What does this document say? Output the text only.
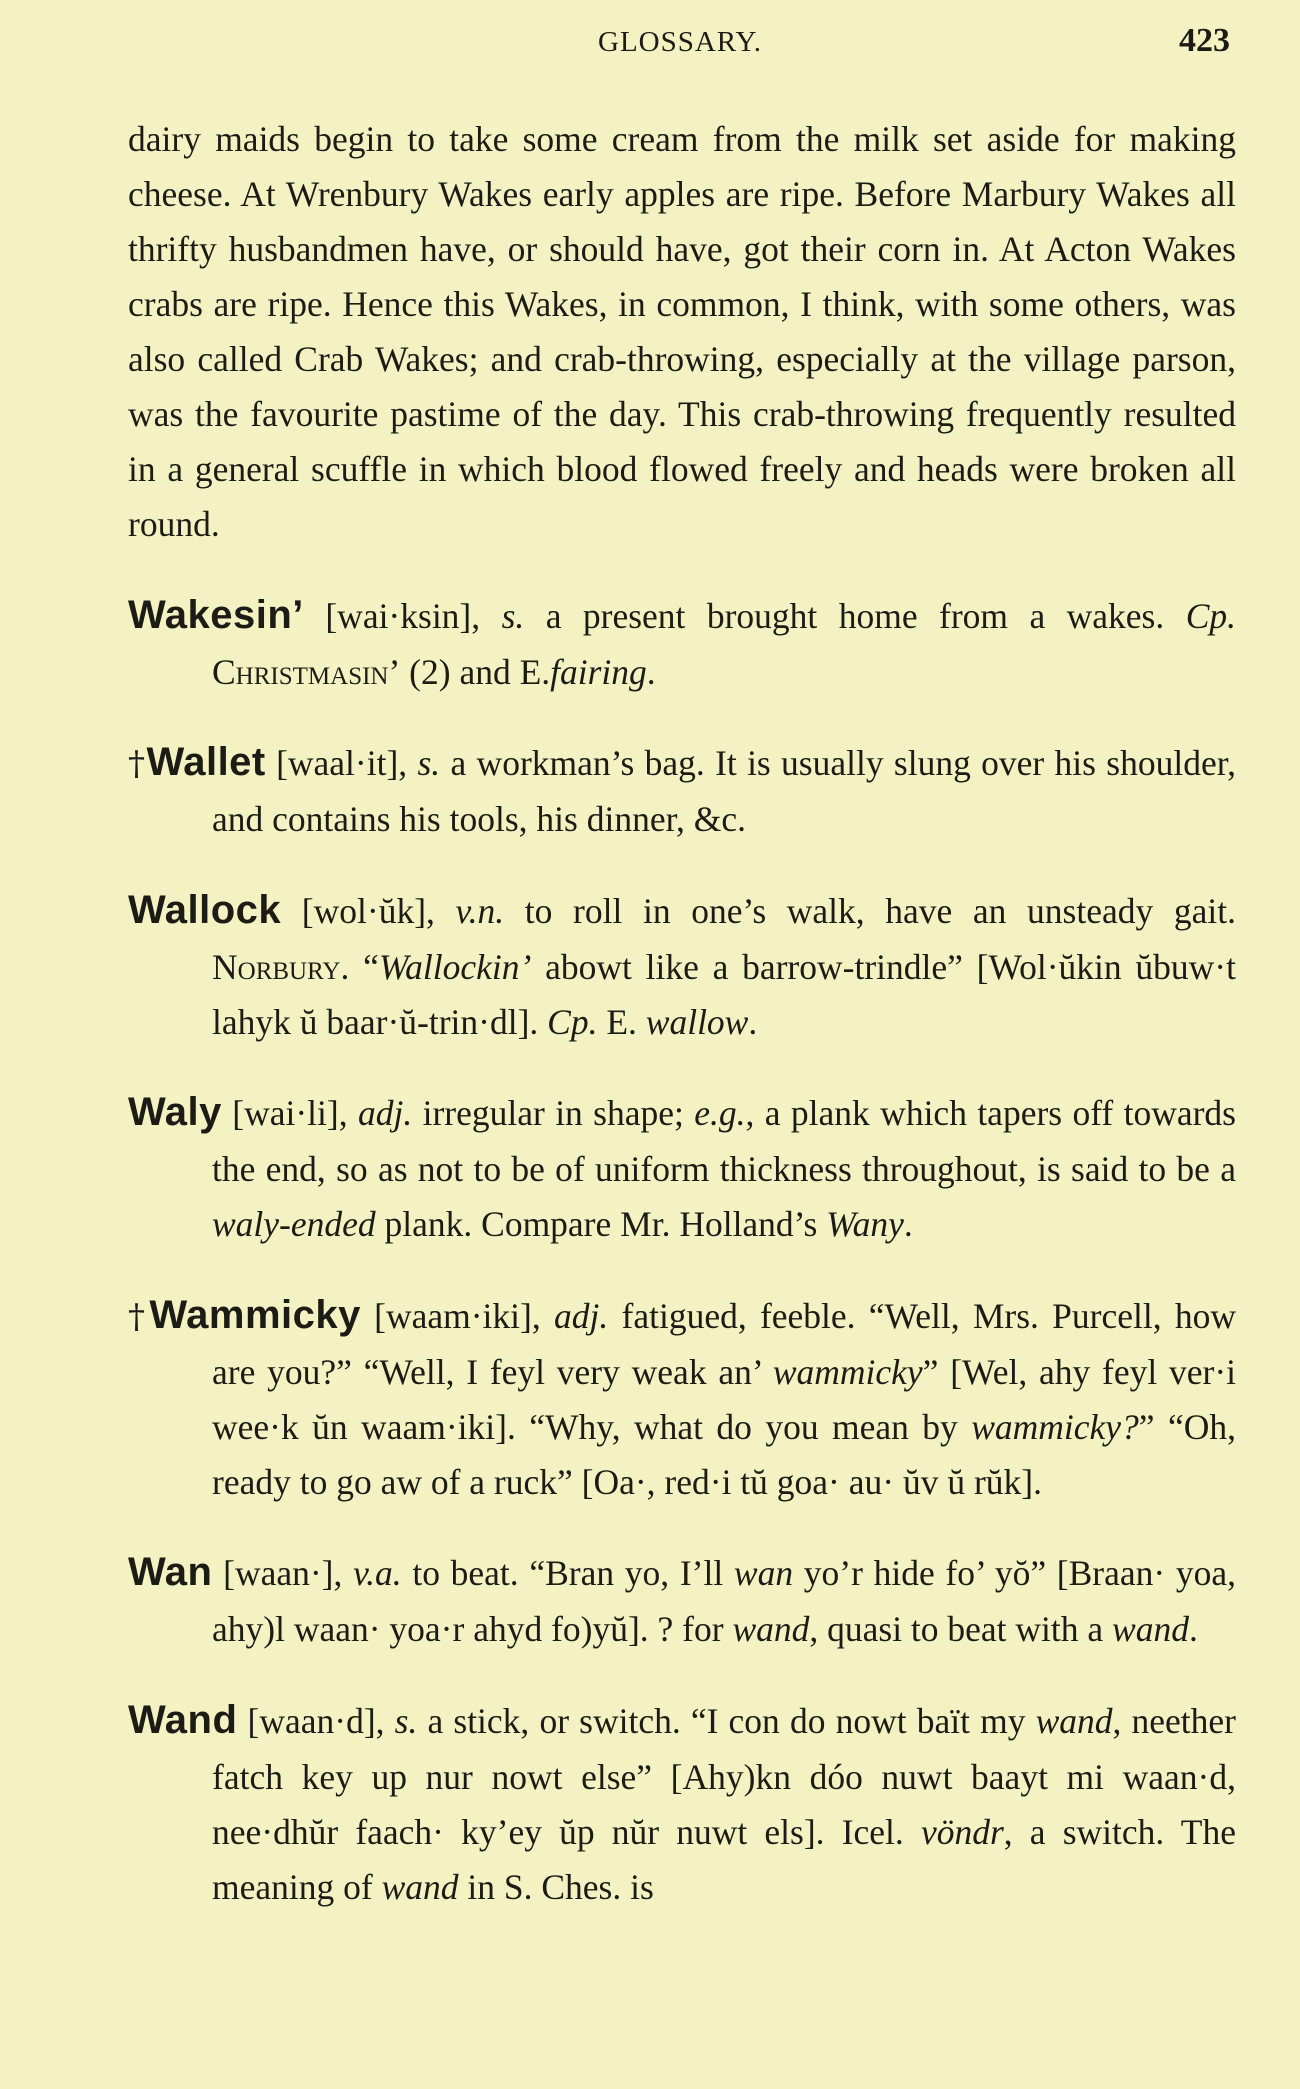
GLOSSARY.	423

dairy maids begin to take some cream from the milk set aside for making cheese. At Wrenbury Wakes early apples are ripe. Before Marbury Wakes all thrifty husbandmen have, or should have, got their corn in. At Acton Wakes crabs are ripe. Hence this Wakes, in common, I think, with some others, was also called Crab Wakes; and crab-throwing, especially at the village parson, was the favourite pastime of the day. This crab-throwing frequently resulted in a general scuffle in which blood flowed freely and heads were broken all round.

Wakesin’ [wai·ksin], s. a present brought home from a wakes. Cp. Christmasin’ (2) and E.fairing.

†Wallet [waal·it], s. a workman’s bag. It is usually slung over his shoulder, and contains his tools, his dinner, &c.

Wallock [wol·ŭk], v.n. to roll in one’s walk, have an unsteady gait. Norbury. “Wallockin’ abowt like a barrow-trindle” [Wol·ŭkin ŭbuw·t lahyk ŭ baar·ŭ-trin·dl]. Cp. E. wallow.

Waly [wai·li], adj. irregular in shape; e.g., a plank which tapers off towards the end, so as not to be of uniform thickness throughout, is said to be a waly-ended plank. Compare Mr. Holland’s Wany.

†Wammicky [waam·iki], adj. fatigued, feeble. “Well, Mrs. Purcell, how are you?” “Well, I feyl very weak an’ wammicky” [Wel, ahy feyl ver·i wee·k ŭn waam·iki]. “Why, what do you mean by wammicky?” “Oh, ready to go aw of a ruck” [Oa·, red·i tŭ goa· au· ŭv ŭ rŭk].

Wan [waan·], v.a. to beat. “Bran yo, I’ll wan yo’r hide fo’ yŏ” [Braan· yoa, ahy)l waan· yoa·r ahyd fo)yŭ]. ? for wand, quasi to beat with a wand.

Wand [waan·d], s. a stick, or switch. “I con do nowt baït my wand, neether fatch key up nur nowt else” [Ahy)kn dóo nuwt baayt mi waan·d, nee·dhŭr faach· ky’ey ŭp nŭr nuwt els]. Icel. vöndr, a switch. The meaning of wand in S. Ches. is
